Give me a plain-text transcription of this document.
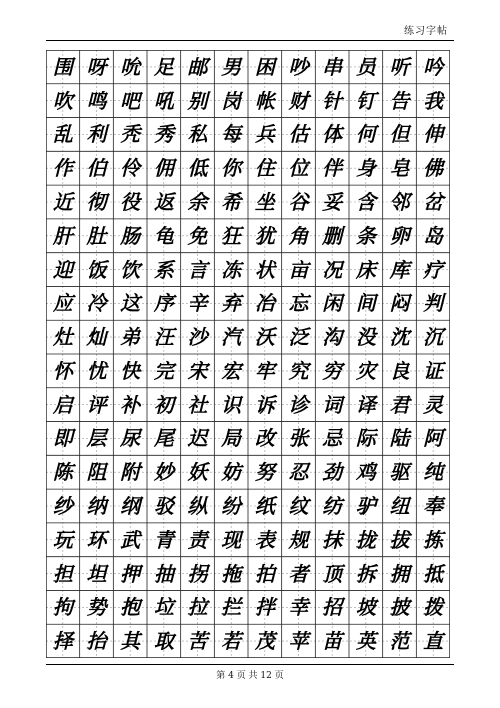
练习字帖
围 呀 吮 足 邮 男 困 吵 串 员 听 吟
吹 鸣 吧 吼 别 岗 帐 财 针 钉 告 我
乱 利 秃 秀 私 每 兵 估 体 何 但 伸
作 伯 伶 佣 低 你 住 位 伴 身 皂 佛
近 彻 役 返 余 希 坐 谷 妥 含 邻 岔
肝 肚 肠 龟 免 狂 犹 角 删 条 卵 岛
迎 饭 饮 系 言 冻 状 亩 况 床 库 疗
应 冷 这 序 辛 弃 冶 忘 闲 间 闷 判
灶 灿 弟 汪 沙 汽 沃 泛 沟 没 沈 沉
怀 忧 快 完 宋 宏 牢 究 穷 灾 良 证
启 评 补 初 社 识 诉 诊 词 译 君 灵
即 层 尿 尾 迟 局 改 张 忌 际 陆 阿
陈 阻 附 妙 妖 妨 努 忍 劲 鸡 驱 纯
纱 纳 纲 驳 纵 纷 纸 纹 纺 驴 纽 奉
玩 环 武 青 责 现 表 规 抹 拢 拔 拣
担 坦 押 抽 拐 拖 拍 者 顶 拆 拥 抵
拘 势 抱 垃 拉 拦 拌 幸 招 坡 披 拨
择 抬 其 取 苦 若 茂 苹 苗 英 范 直
第 4 页 共 12 页
